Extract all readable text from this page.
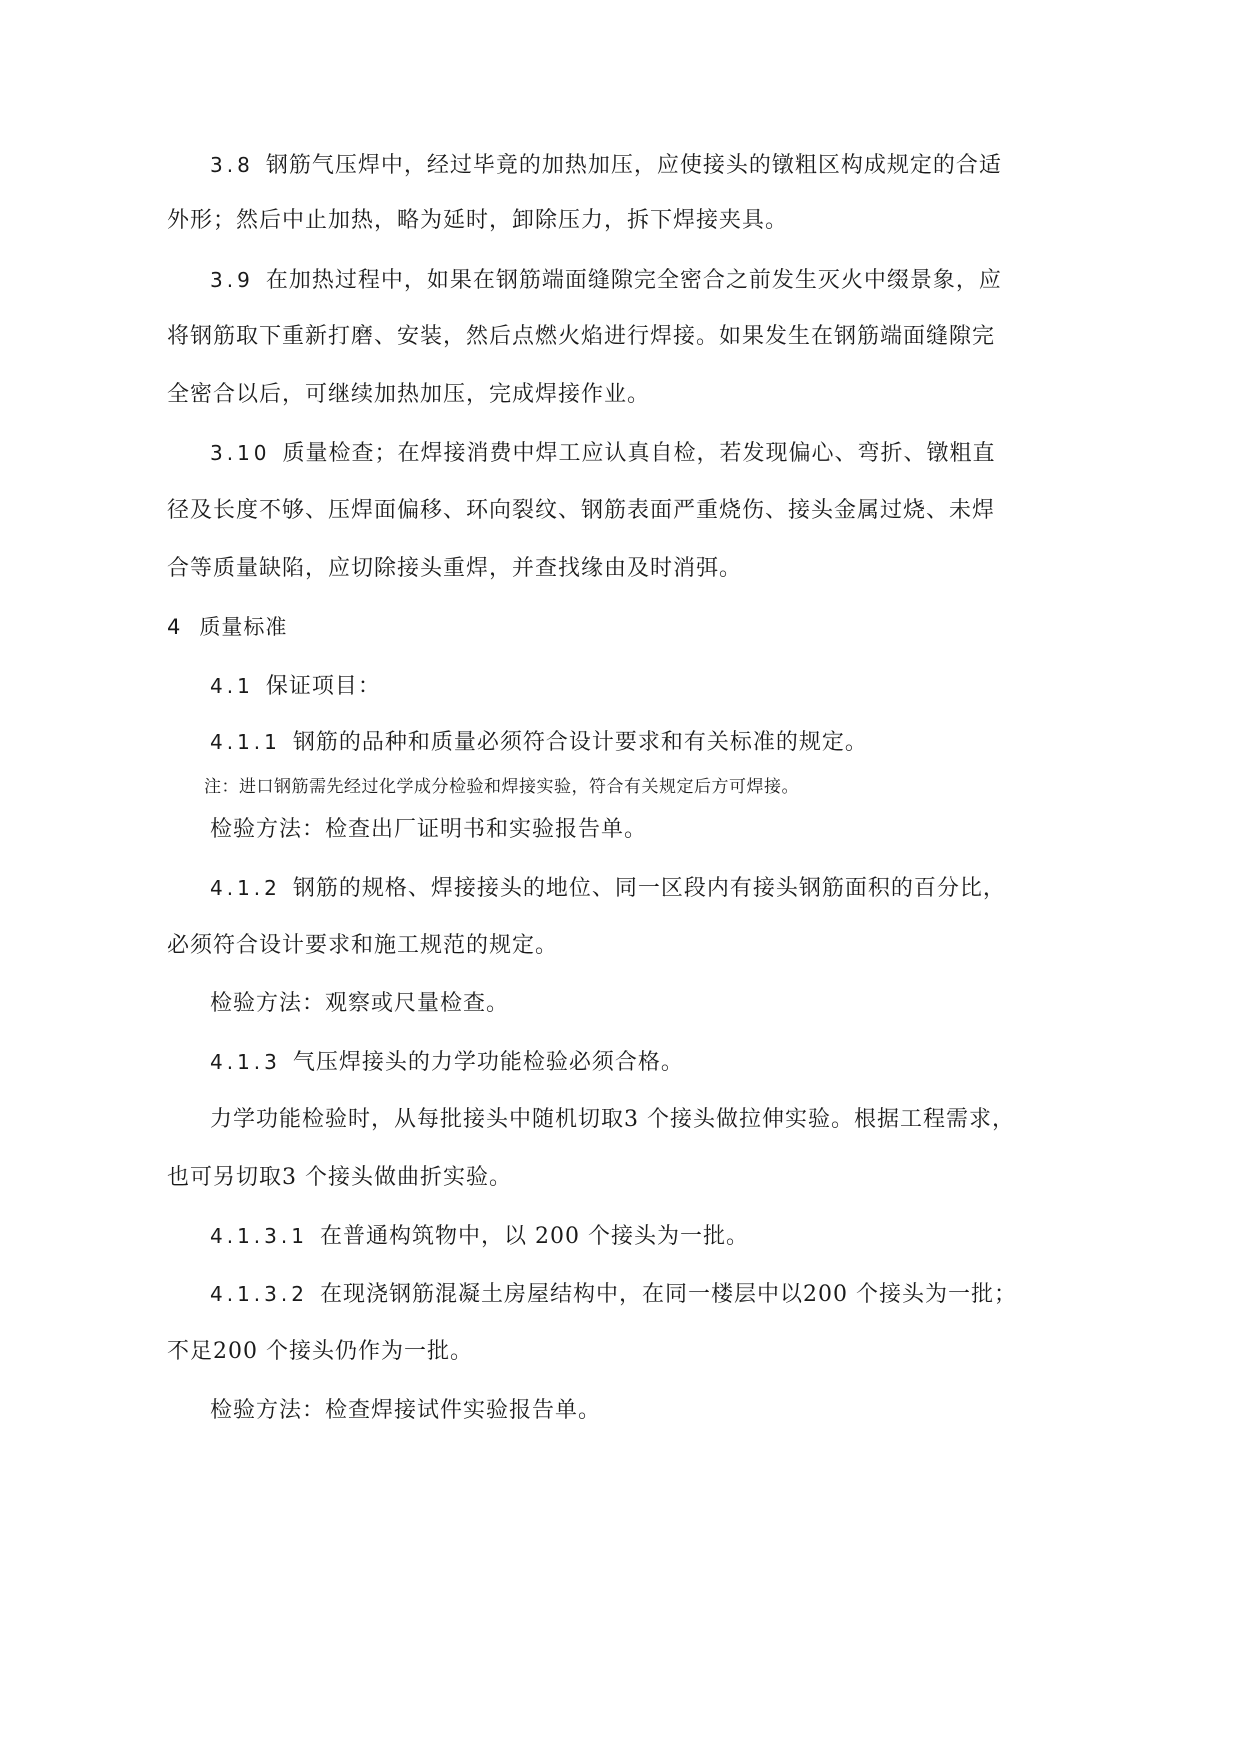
3.8 钢筋气压焊中，经过毕竟的加热加压，应使接头的镦粗区构成规定的合适
外形；然后中止加热，略为延时，卸除压力，拆下焊接夹具。
3.9 在加热过程中，如果在钢筋端面缝隙完全密合之前发生灭火中缀景象，应
将钢筋取下重新打磨、安装，然后点燃火焰进行焊接。如果发生在钢筋端面缝隙完
全密合以后，可继续加热加压，完成焊接作业。
3.10 质量检查；在焊接消费中焊工应认真自检，若发现偏心、弯折、镦粗直
径及长度不够、压焊面偏移、环向裂纹、钢筋表面严重烧伤、接头金属过烧、未焊
合等质量缺陷，应切除接头重焊，并查找缘由及时消弭。
4 质量标准
4.1 保证项目：
4.1.1 钢筋的品种和质量必须符合设计要求和有关标准的规定。
注：进口钢筋需先经过化学成分检验和焊接实验，符合有关规定后方可焊接。
检验方法：检查出厂证明书和实验报告单。
4.1.2 钢筋的规格、焊接接头的地位、同一区段内有接头钢筋面积的百分比，
必须符合设计要求和施工规范的规定。
检验方法：观察或尺量检查。
4.1.3 气压焊接头的力学功能检验必须合格。
力学功能检验时，从每批接头中随机切取3 个接头做拉伸实验。根据工程需求，
也可另切取3 个接头做曲折实验。
4.1.3.1 在普通构筑物中，以 200 个接头为一批。
4.1.3.2 在现浇钢筋混凝土房屋结构中，在同一楼层中以200 个接头为一批；
不足200 个接头仍作为一批。
检验方法：检查焊接试件实验报告单。
